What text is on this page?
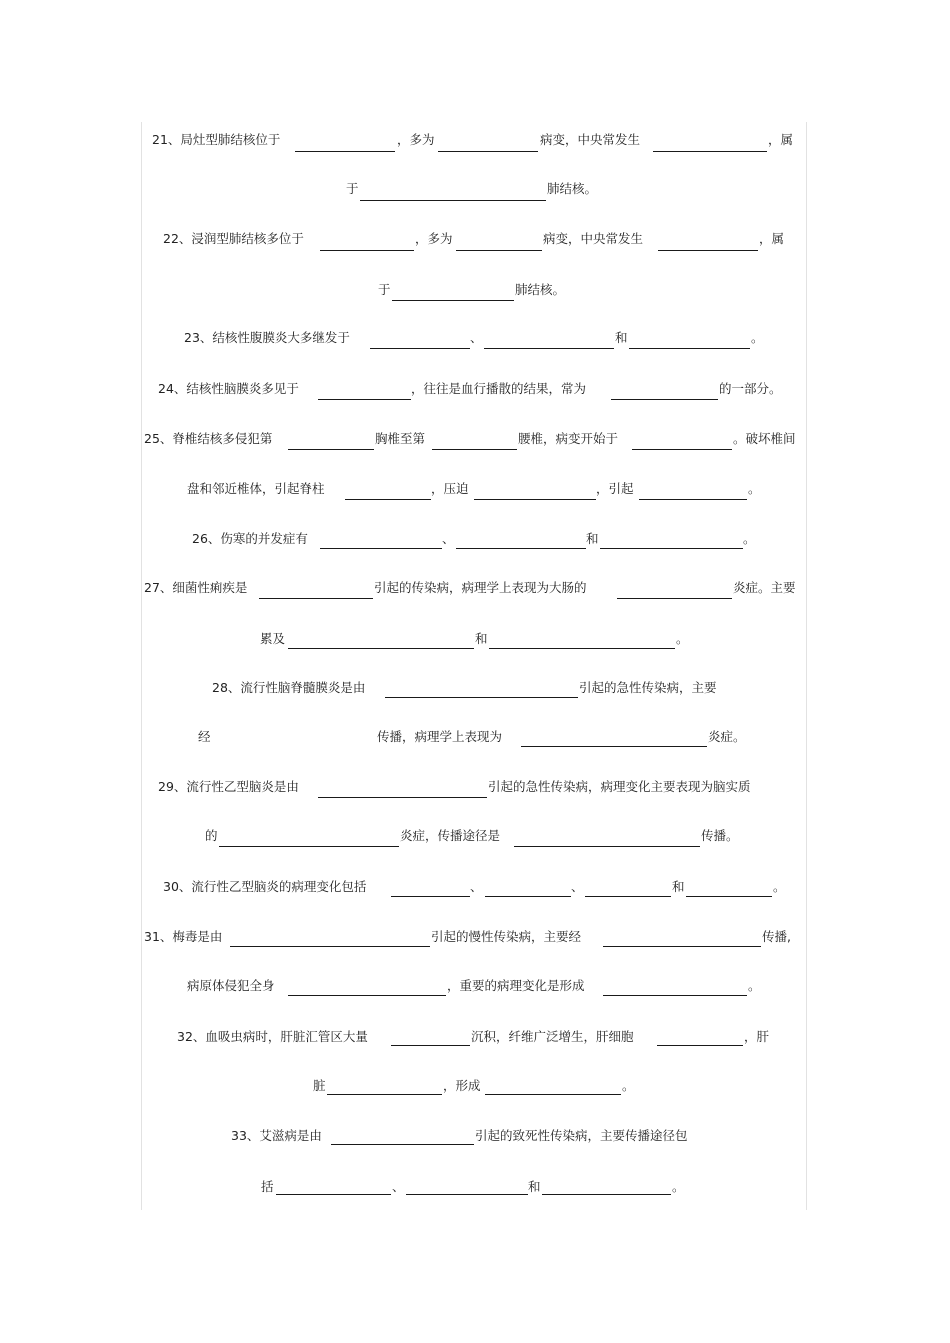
21、局灶型肺结核位于	，多为	病变，中央常发生	，属
于	肺结核。
22、浸润型肺结核多位于	，多为	病变，中央常发生	，属
于	肺结核。
23、结核性腹膜炎大多继发于	、	和	。
24、结核性脑膜炎多见于	，往往是血行播散的结果，常为	的一部分。
25、脊椎结核多侵犯第	胸椎至第	腰椎，病变开始于	。破坏椎间
盘和邻近椎体，引起脊柱	，压迫	，引起	。
26、伤寒的并发症有	、	和	。
27、细菌性痢疾是	引起的传染病，病理学上表现为大肠的	炎症。主要
累及	和	。
28、流行性脑脊髓膜炎是由	引起的急性传染病，主要
经	传播，病理学上表现为	炎症。
29、流行性乙型脑炎是由	引起的急性传染病，病理变化主要表现为脑实质
的	炎症，传播途径是	传播。
30、流行性乙型脑炎的病理变化包括	、	、	和	。
31、梅毒是由	引起的慢性传染病，主要经	传播,
病原体侵犯全身	，重要的病理变化是形成	。
32、血吸虫病时，肝脏汇管区大量	沉积，纤维广泛增生，肝细胞	，肝
脏	，形成	。
33、艾滋病是由	引起的致死性传染病，主要传播途径包
括	、	和	。
